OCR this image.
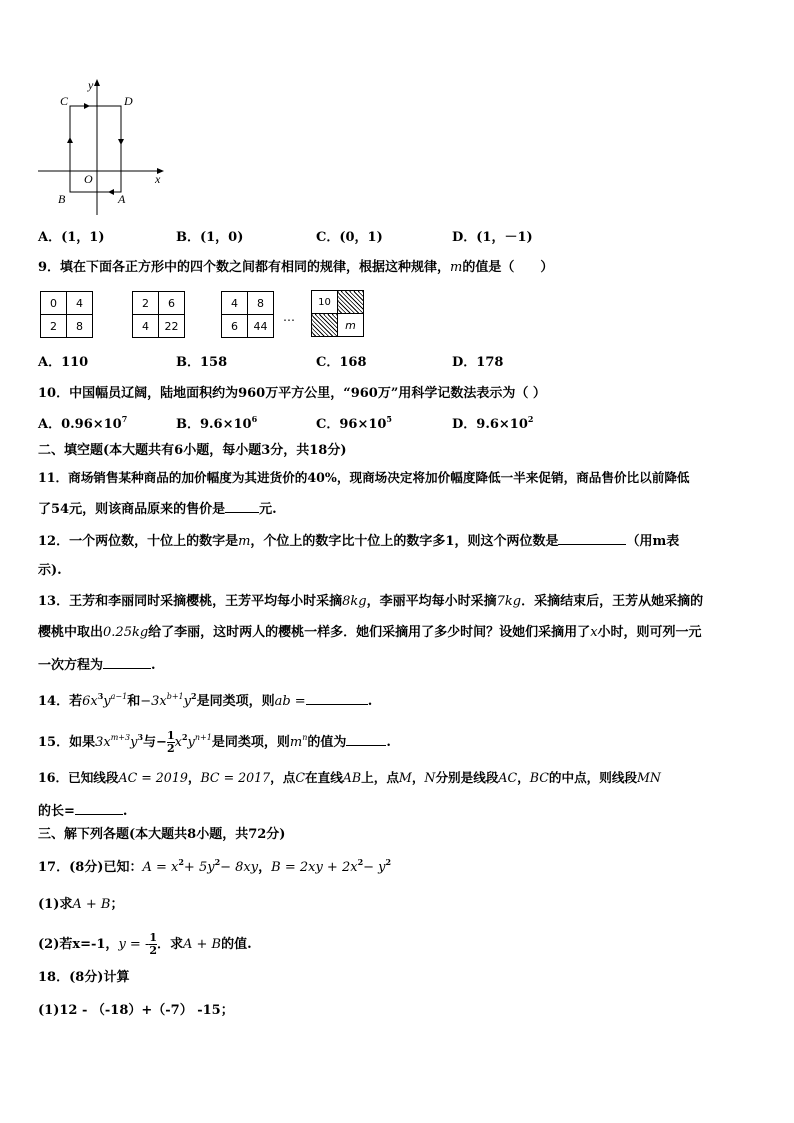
y
x
C	D
O
B	A
A．(1，1)	B．(1，0)	C．(0，1)	D．(1，－1)
9．填在下面各正方形中的四个数之间都有相同的规律，根据这种规律，m的值是（　　）
0	4
2	8
2	6
4	22
4	8
6	44
…
10	
	m
A．110	B．158	C．168	D．178
10．中国幅员辽阔，陆地面积约为960万平方公里，“960万”用科学记数法表示为（ ）
A．$0.96\times 10^7$	B．$9.6\times 10^6$	C．$96\times 10^5$	D．$9.6\times 10^2$
二、填空题(本大题共有6小题，每小题3分，共18分)
11．商场销售某种商品的加价幅度为其进货价的40%，现商场决定将加价幅度降低一半来促销，商品售价比以前降低
了54元，则该商品原来的售价是	元.
12．一个两位数，十位上的数字是m，个位上的数字比十位上的数字多1，则这个两位数是	（用m表
示).
13．王芳和李丽同时采摘樱桃，王芳平均每小时采摘8kg，李丽平均每小时采摘7kg．采摘结束后，王芳从她采摘的
樱桃中取出0.25kg给了李丽，这时两人的樱桃一样多．她们采摘用了多少时间？设她们采摘用了x小时，则可列一元
一次方程为	.
14．若$6x^3y^{a-1}$和$-3x^{b+1}y^2$是同类项，则ab =	.
15．如果$3x^{m+3}y^3$与− $\frac{1}{2} x^2y^{n+1}$是同类项，则$m^n$的值为	.
16．已知线段AC = 2019，BC = 2017，点C在直线AB上，点M，N分别是线段AC，BC的中点，则线段MN
的长=	.
三、解下列各题(本大题共8小题，共72分)
17．(8分)已知：$A = x^2+ 5y^2- 8xy$，$B = 2xy + 2x^2- y^2$
(1)求A + B；
(2)若x=-1，y = - $\frac{1}{2}$ ．求A + B的值.
18．(8分)计算
(1)12 - （-18）+（-7） -15；
